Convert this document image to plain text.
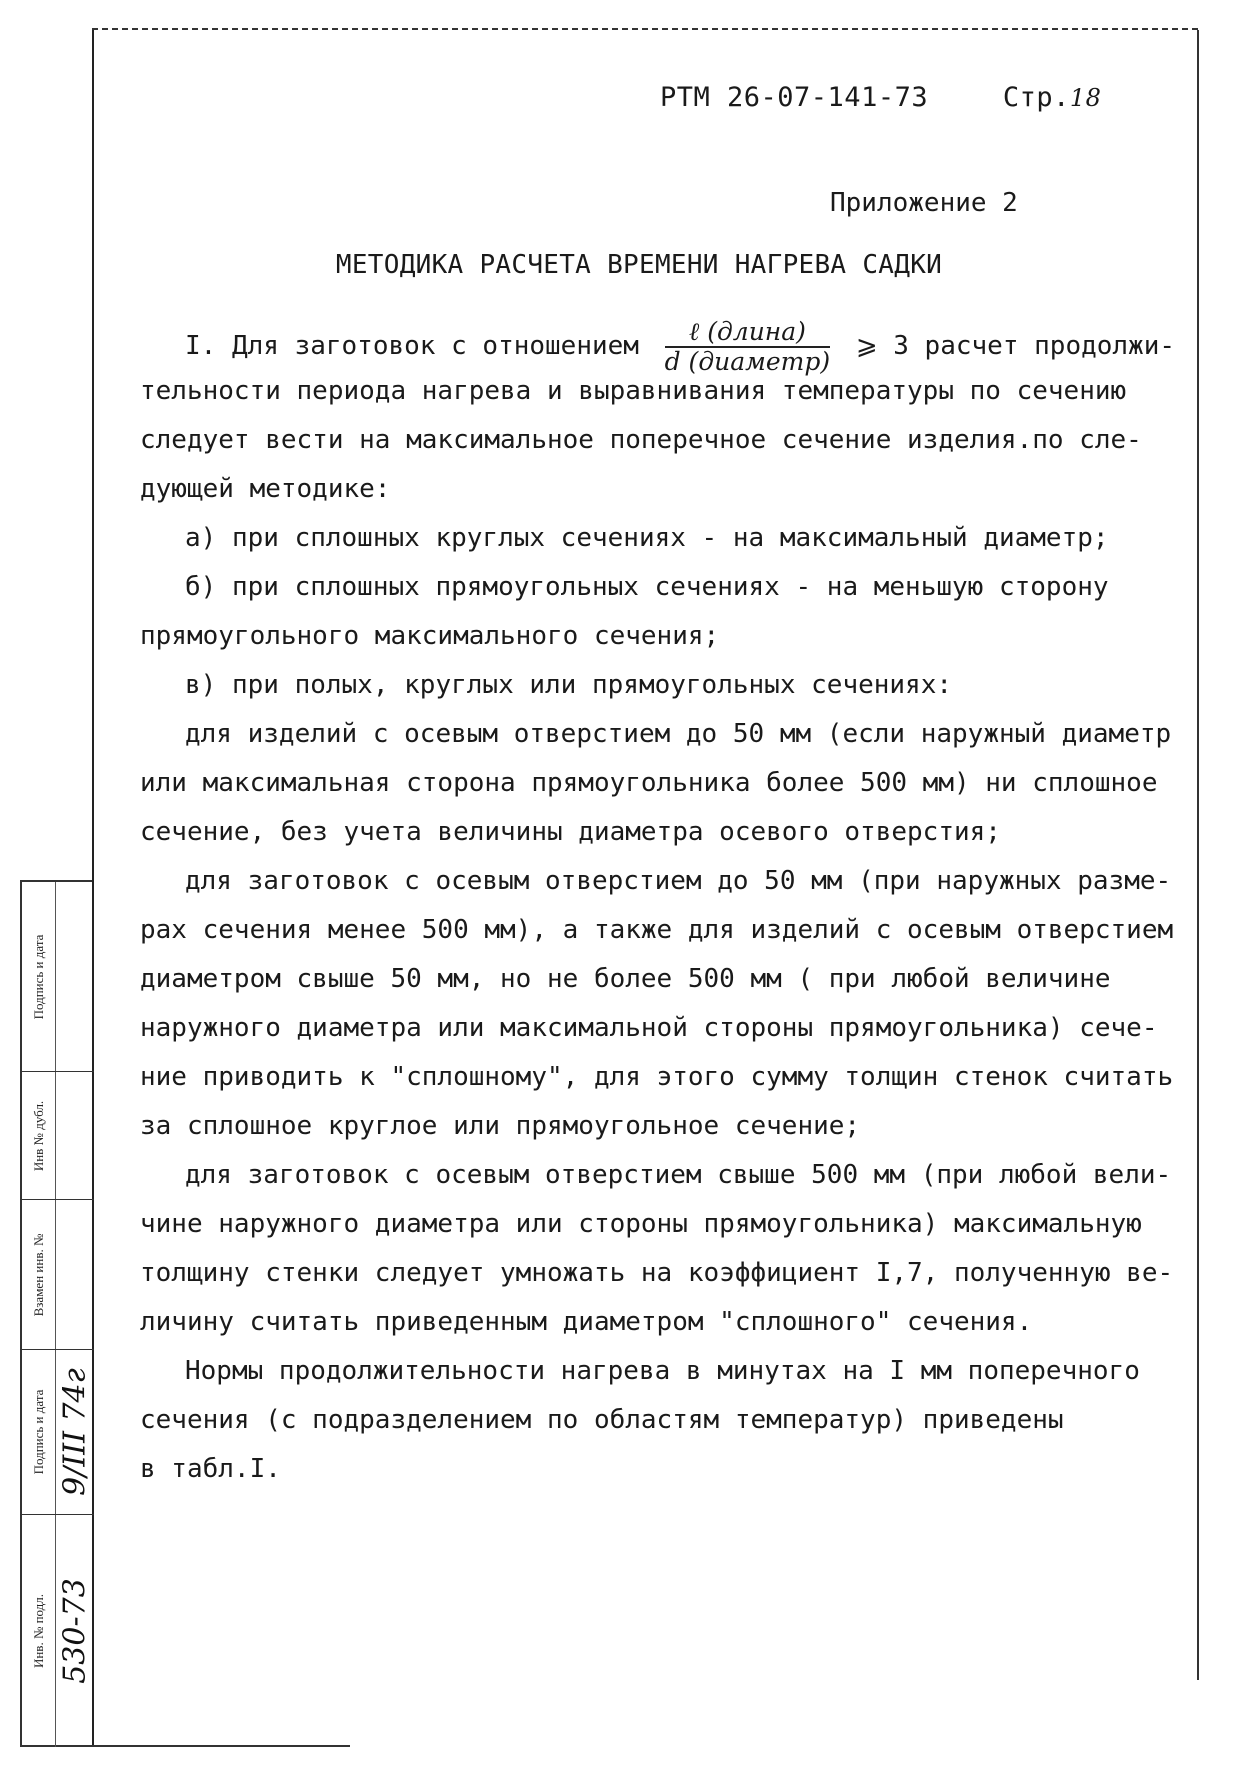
РТМ 26-07-141-73	Стр.18
Приложение 2
МЕТОДИКА РАСЧЕТА ВРЕМЕНИ НАГРЕВА САДКИ
I. Для заготовок с отношением $\frac{\text{ℓ (длина)}}{\text{d (диаметр)}}$ ⩾ 3 расчет продолжи-
тельности периода нагрева и выравнивания температуры по сечению
следует вести на максимальное поперечное сечение изделия.по сле-
дующей методике:
а) при сплошных круглых сечениях - на максимальный диаметр;
б) при сплошных прямоугольных сечениях - на меньшую сторону
прямоугольного максимального сечения;
в) при полых, круглых или прямоугольных сечениях:
для изделий с осевым отверстием до 50 мм (если наружный диаметр
или максимальная сторона прямоугольника более 500 мм) ни сплошное
сечение, без учета величины диаметра осевого отверстия;
для заготовок с осевым отверстием до 50 мм (при наружных разме-
рах сечения менее 500 мм), а также для изделий с осевым отверстием
диаметром свыше 50 мм, но не более 500 мм ( при любой величине
наружного диаметра или максимальной стороны прямоугольника) сече-
ние приводить к "сплошному", для этого сумму толщин стенок считать
за сплошное круглое или прямоугольное сечение;
для заготовок с осевым отверстием свыше 500 мм (при любой вели-
чине наружного диаметра или стороны прямоугольника) максимальную
толщину стенки следует умножать на коэффициент I,7, полученную ве-
личину считать приведенным диаметром "сплошного" сечения.
Нормы продолжительности нагрева в минутах на I мм поперечного
сечения (с подразделением по областям температур) приведены
в табл.I.
Подпись и дата
Инв № дубл.
Взамен инв. №
Подпись и дата 9/III 74г
Инв. № подл. 530-73
